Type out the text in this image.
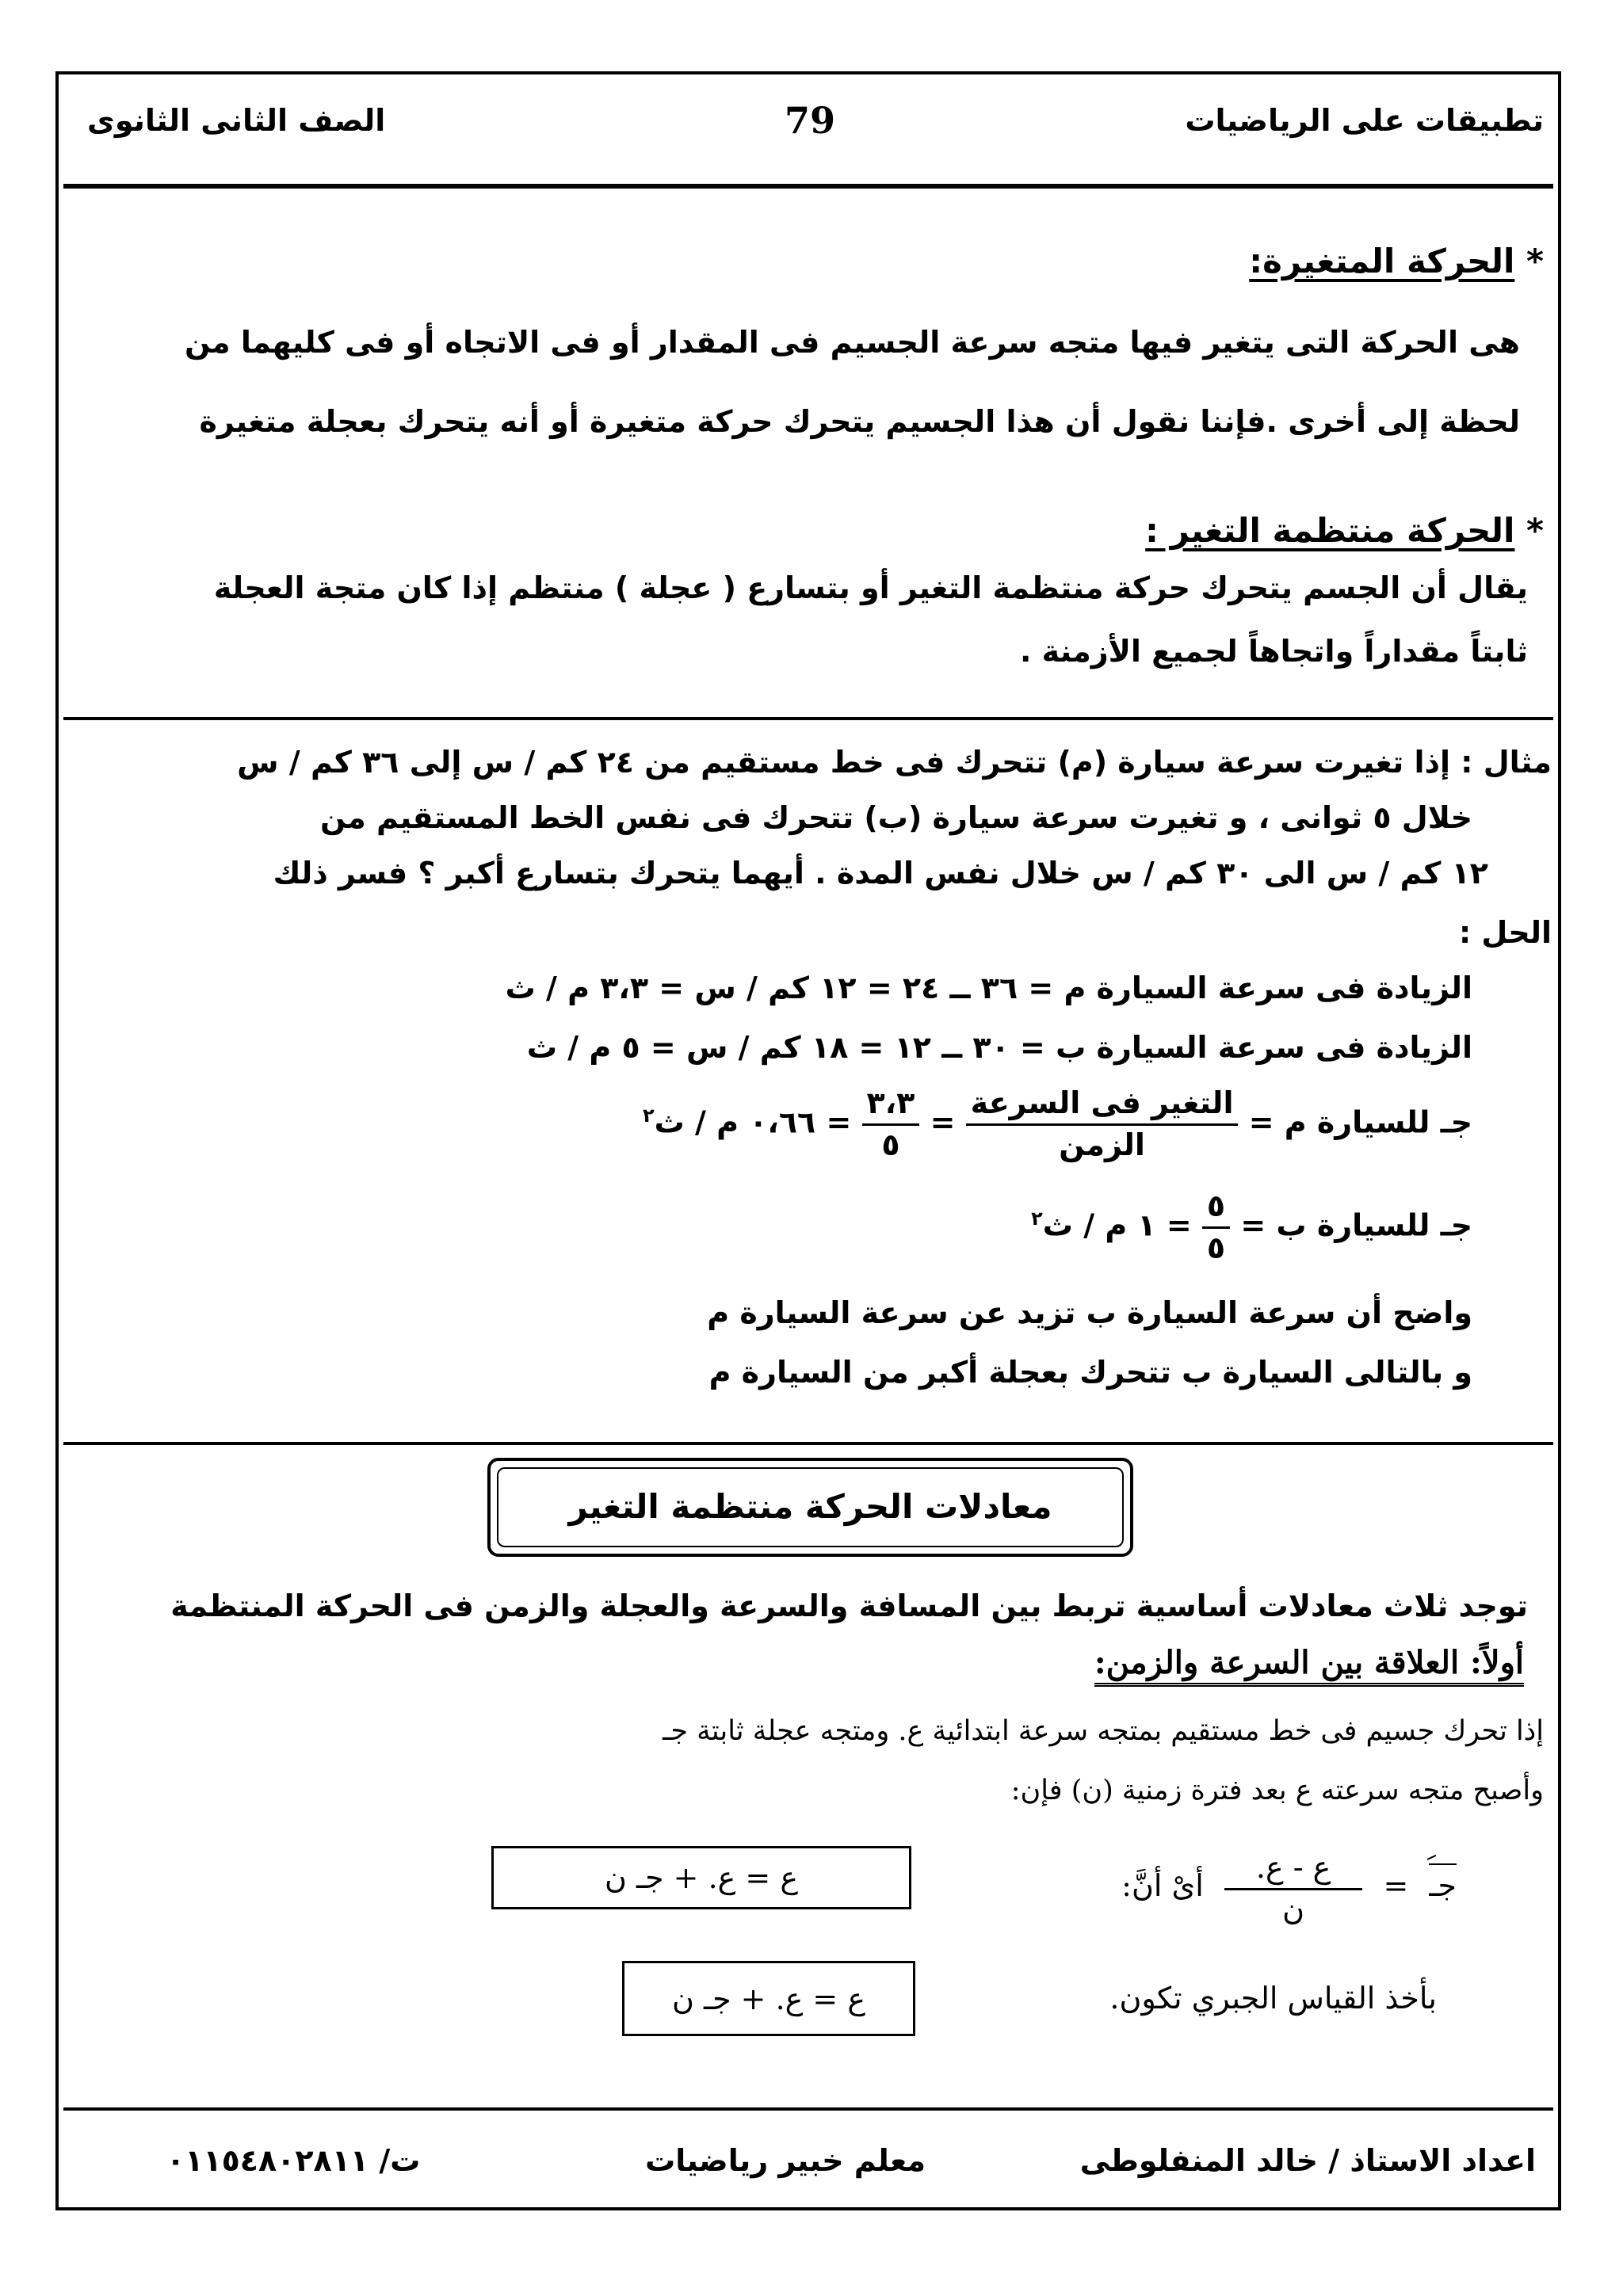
تطبيقات على الرياضيات
79
الصف الثانى الثانوى
* الحركة المتغيرة:
هى الحركة التى يتغير فيها متجه سرعة الجسيم فى المقدار أو فى الاتجاه أو فى كليهما من
لحظة إلى أخرى .فإننا نقول أن هذا الجسيم يتحرك حركة متغيرة أو أنه يتحرك بعجلة متغيرة
* الحركة منتظمة التغير :
يقال أن الجسم يتحرك حركة منتظمة التغير أو بتسارع ( عجلة ) منتظم إذا كان متجة العجلة
ثابتاً مقداراً واتجاهاً لجميع الأزمنة .
مثال : إذا تغيرت سرعة سيارة (م) تتحرك فى خط مستقيم من ٢٤ كم / س إلى ٣٦ كم / س
خلال ٥ ثوانى ، و تغيرت سرعة سيارة (ب) تتحرك فى نفس الخط المستقيم من
١٢ كم / س الى ٣٠ كم / س خلال نفس المدة . أيهما يتحرك بتسارع أكبر ؟ فسر ذلك
الحل :
الزيادة فى سرعة السيارة م = ٣٦ ــ ٢٤ = ١٢ كم / س = ٣،٣ م / ث
الزيادة فى سرعة السيارة ب = ٣٠ ــ ١٢ = ١٨ كم / س = ٥ م / ث
جـ للسيارة م =
$\frac{\text{التغير فى السرعة}}{\text{الزمن}}$
=
$\frac{٣،٣}{٥}$
= ٠،٦٦ م / ث$^٢$
جـ للسيارة ب =
$\frac{٥}{٥}$
= ١ م / ث$^٢$
واضح أن سرعة السيارة ب تزيد عن سرعة السيارة م
و بالتالى السيارة ب تتحرك بعجلة أكبر من السيارة م
معادلات الحركة منتظمة التغير
توجد ثلاث معادلات أساسية تربط بين المسافة والسرعة والعجلة والزمن فى الحركة المنتظمة
أولاً: العلاقة بين السرعة والزمن:
إذا تحرك جسيم فى خط مستقيم بمتجه سرعة ابتدائية ع. ومتجه عجلة ثابتة جـ
وأصبح متجه سرعته ع بعد فترة زمنية (ن) فإن:
جـ =
$\frac{\text{ع - ع.}}{\text{ن}}$
أىْ أنَّ:
ع = ع. + جـ ن
بأخذ القياس الجبري تكون.
ع = ع. + جـ ن
اعداد الاستاذ / خالد المنفلوطى
معلم خبير رياضيات
ت/ ٠١١٥٤٨٠٢٨١١
